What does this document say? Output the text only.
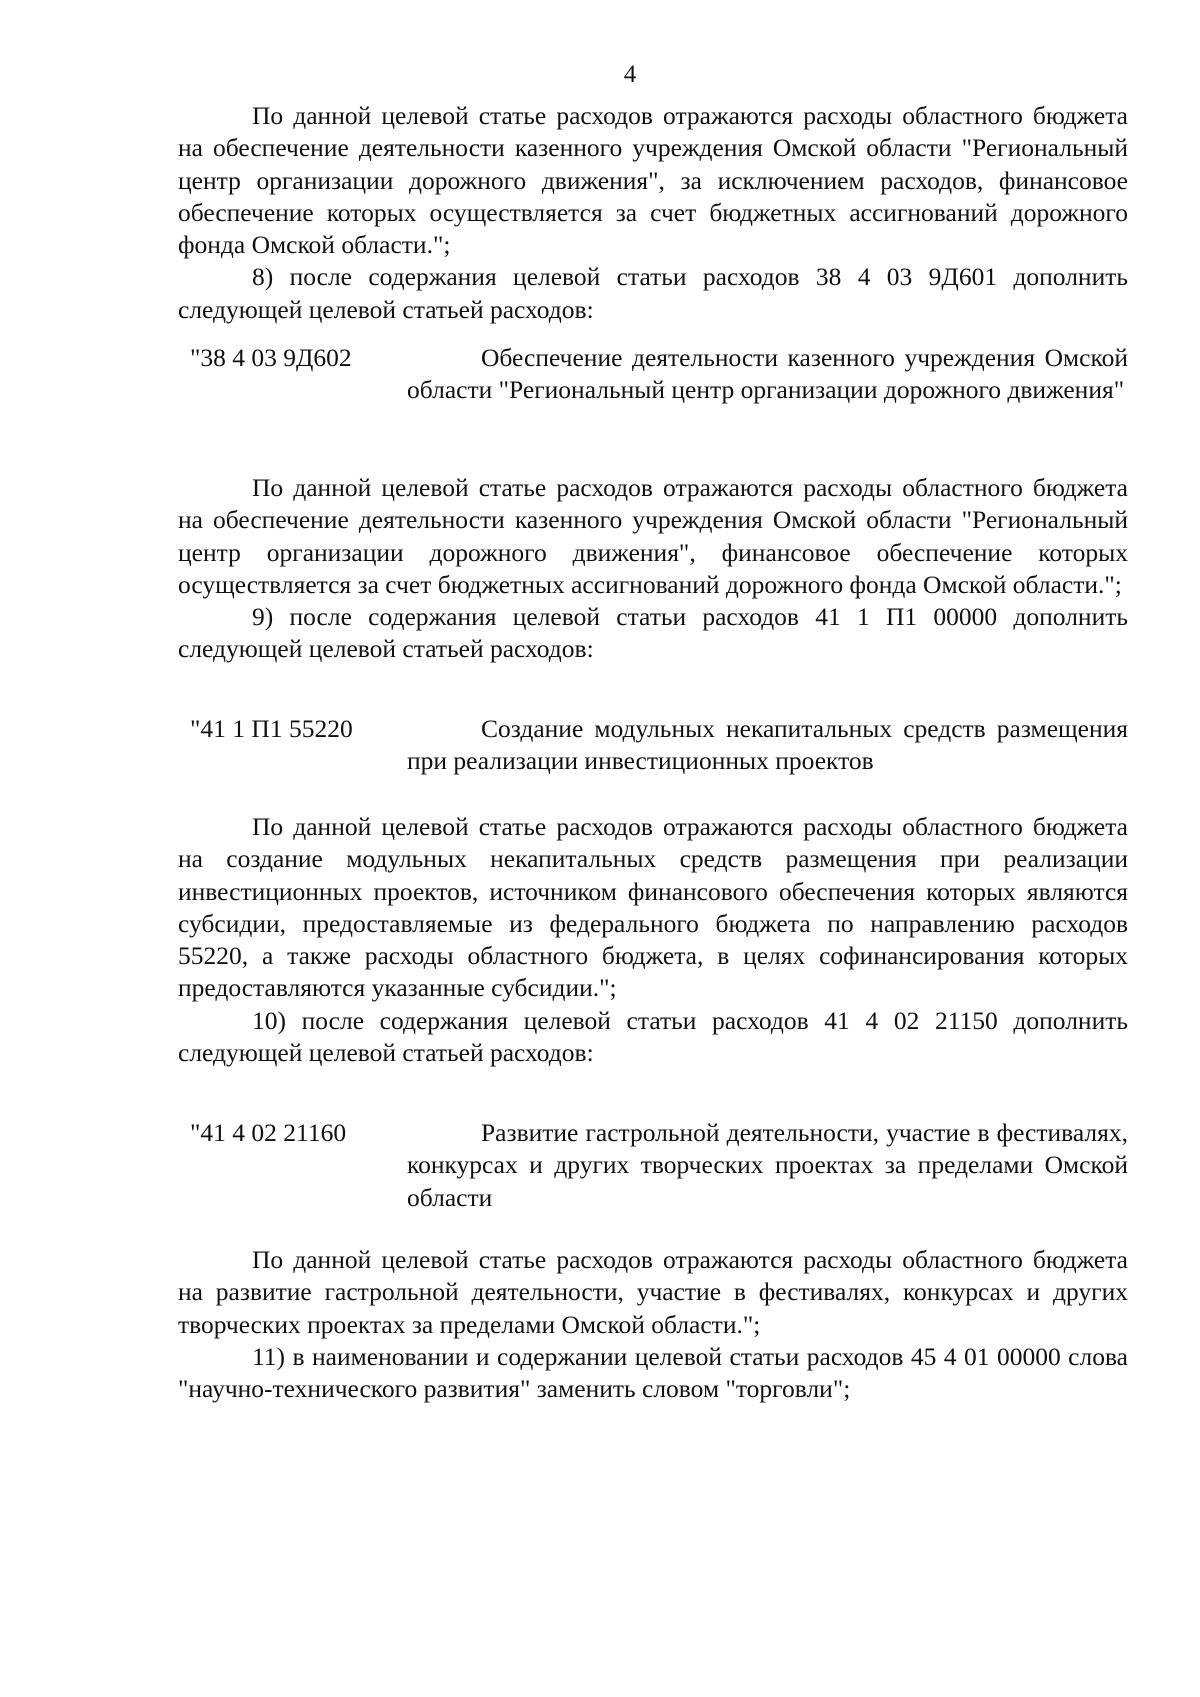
4

По данной целевой статье расходов отражаются расходы областного бюджета на обеспечение деятельности казенного учреждения Омской области "Региональный центр организации дорожного движения", за исключением расходов, финансовое обеспечение которых осуществляется за счет бюджетных ассигнований дорожного фонда Омской области.";

8) после содержания целевой статьи расходов 38 4 03 9Д601 дополнить следующей целевой статьей расходов:

"38 4 03 9Д602	Обеспечение деятельности казенного учреждения Омской области "Региональный центр организации дорожного движения"

По данной целевой статье расходов отражаются расходы областного бюджета на обеспечение деятельности казенного учреждения Омской области "Региональный центр организации дорожного движения", финансовое обеспечение которых осуществляется за счет бюджетных ассигнований дорожного фонда Омской области.";

9) после содержания целевой статьи расходов 41 1 П1 00000 дополнить следующей целевой статьей расходов:

"41 1 П1 55220	Создание модульных некапитальных средств размещения при реализации инвестиционных проектов

По данной целевой статье расходов отражаются расходы областного бюджета на создание модульных некапитальных средств размещения при реализации инвестиционных проектов, источником финансового обеспечения которых являются субсидии, предоставляемые из федерального бюджета по направлению расходов 55220, а также расходы областного бюджета, в целях софинансирования которых предоставляются указанные субсидии.";

10) после содержания целевой статьи расходов 41 4 02 21150 дополнить следующей целевой статьей расходов:

"41 4 02 21160	Развитие гастрольной деятельности, участие в фестивалях, конкурсах и других творческих проектах за пределами Омской области

По данной целевой статье расходов отражаются расходы областного бюджета на развитие гастрольной деятельности, участие в фестивалях, конкурсах и других творческих проектах за пределами Омской области.";

11) в наименовании и содержании целевой статьи расходов 45 4 01 00000 слова "научно-технического развития" заменить словом "торговли";
